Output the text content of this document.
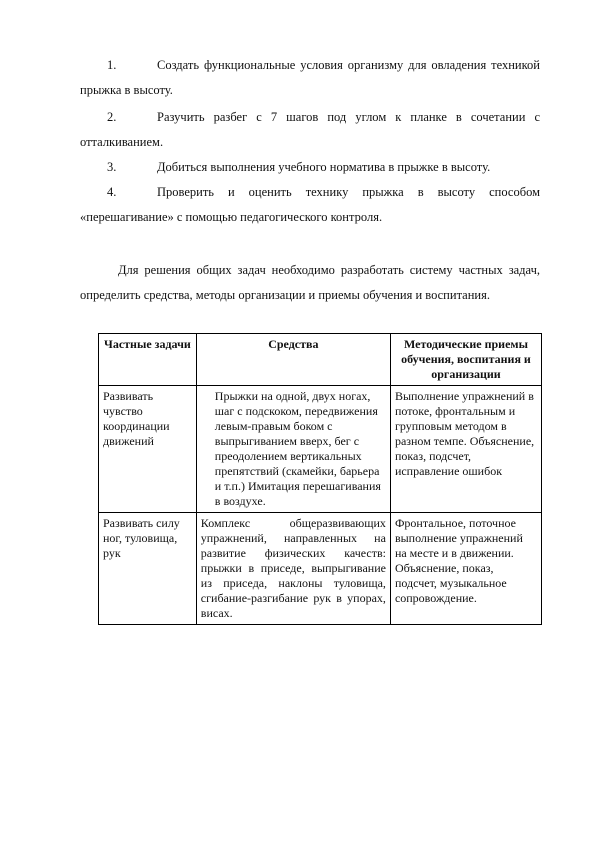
1.	Создать функциональные условия организму для овладения техникой прыжка в высоту.
2.	Разучить разбег с 7 шагов под углом к планке в сочетании с отталкиванием.
3.	Добиться выполнения учебного норматива в прыжке в высоту.
4.	Проверить и оценить технику прыжка в высоту способом «перешагивание» с помощью педагогического контроля.

Для решения общих задач необходимо разработать систему частных задач, определить средства, методы организации и приемы обучения и воспитания.

Частные задачи	Средства	Методические приемы обучения, воспитания и организации
Развивать чувство координации движений	Прыжки на одной, двух ногах, шаг с подскоком, передвижения левым-правым боком с выпрыгиванием вверх, бег с преодолением вертикальных препятствий (скамейки, барьера и т.п.) Имитация перешагивания в воздухе.	Выполнение упражнений в потоке, фронтальным и групповым методом в разном темпе. Объяснение, показ, подсчет, исправление ошибок
Развивать силу ног, туловища, рук	Комплекс общеразвивающих упражнений, направленных на развитие физических качеств: прыжки в приседе, выпрыгивание из приседа, наклоны туловища, сгибание-разгибание рук в упорах, висах.	Фронтальное, поточное выполнение упражнений на месте и в движении. Объяснение, показ, подсчет, музыкальное сопровождение.
